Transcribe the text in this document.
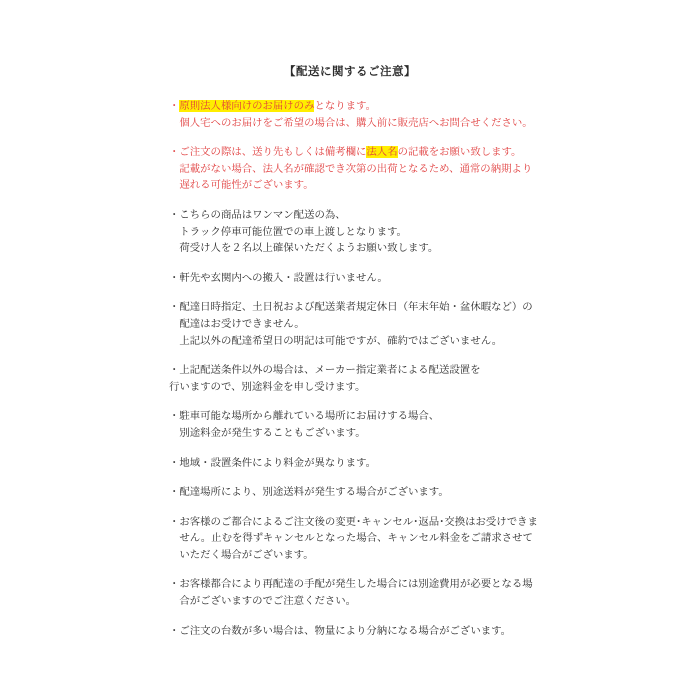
【配送に関するご注意】
・原則法人様向けのお届けのみとなります。
個人宅へのお届けをご希望の場合は、購入前に販売店へお問合せください。
・ご注文の際は、送り先もしくは備考欄に法人名の記載をお願い致します。
記載がない場合、法人名が確認でき次第の出荷となるため、通常の納期より
遅れる可能性がございます。
・こちらの商品はワンマン配送の為、
トラック停車可能位置での車上渡しとなります。
荷受け人を２名以上確保いただくようお願い致します。
・軒先や玄関内への搬入・設置は行いません。
・配達日時指定、土日祝および配送業者規定休日（年末年始・盆休暇など）の
配達はお受けできません。
上記以外の配達希望日の明記は可能ですが、確約ではございません。
・上記配送条件以外の場合は、メーカー指定業者による配送設置を
行いますので、別途料金を申し受けます。
・駐車可能な場所から離れている場所にお届けする場合、
別途料金が発生することもございます。
・地域・設置条件により料金が異なります。
・配達場所により、別途送料が発生する場合がございます。
・お客様のご都合によるご注文後の変更･キャンセル･返品･交換はお受けできま
せん。止むを得ずキャンセルとなった場合、キャンセル料金をご請求させて
いただく場合がございます。
・お客様都合により再配達の手配が発生した場合には別途費用が必要となる場
合がございますのでご注意ください。
・ご注文の台数が多い場合は、物量により分納になる場合がございます。
